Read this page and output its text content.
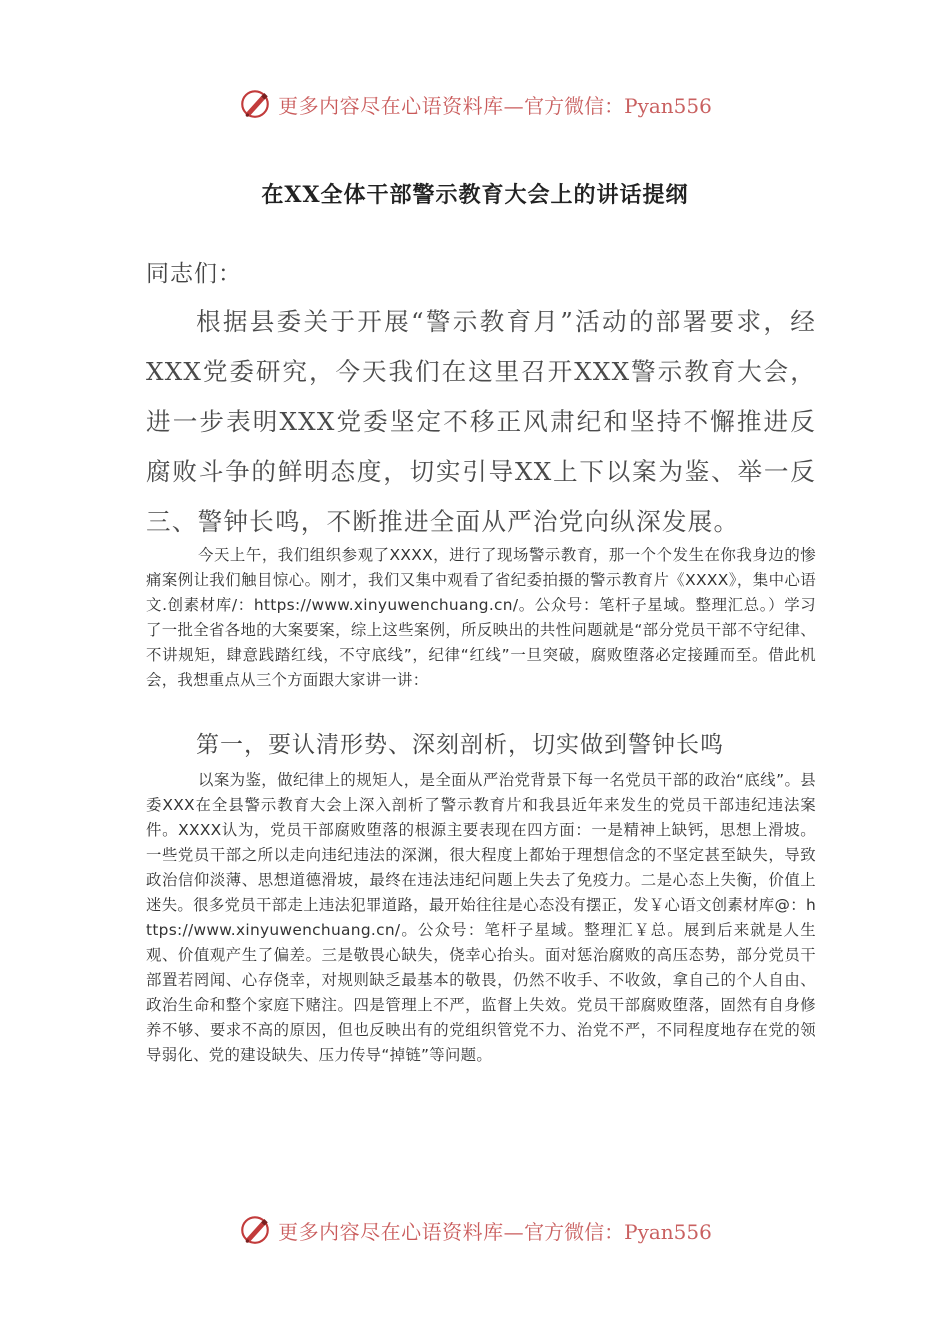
更多内容尽在心语资料库— 官方微信：Pyan556
在XX全体干部警示教育大会上的讲话提纲
同志们：

根据县委关于开展“警示教育月”活动的部署要求，经XXX党委研究，今天我们在这里召开XXX警示教育大会，进一步表明XXX党委坚定不移正风肃纪和坚持不懈推进反腐败斗争的鲜明态度，切实引导XX上下以案为鉴、举一反三、警钟长鸣，不断推进全面从严治党向纵深发展。

今天上午，我们组织参观了XXXX，进行了现场警示教育，那一个个发生在你我身边的惨痛案例让我们触目惊心。刚才，我们又集中观看了省纪委拍摄的警示教育片《XXXX》，集中心语文.创素材库/：https://www.xinyuwenchuang.cn/。公众号：笔杆子星域。整理汇总。）学习了一批全省各地的大案要案，综上这些案例，所反映出的共性问题就是“部分党员干部不守纪律、不讲规矩，肆意践踏红线，不守底线”，纪律“红线”一旦突破，腐败堕落必定接踵而至。借此机会，我想重点从三个方面跟大家讲一讲：

第一，要认清形势、深刻剖析，切实做到警钟长鸣

以案为鉴，做纪律上的规矩人，是全面从严治党背景下每一名党员干部的政治“底线”。县委XXX在全县警示教育大会上深入剖析了警示教育片和我县近年来发生的党员干部违纪违法案件。XXXX认为，党员干部腐败堕落的根源主要表现在四方面：一是精神上缺钙，思想上滑坡。一些党员干部之所以走向违纪违法的深渊，很大程度上都始于理想信念的不坚定甚至缺失，导致政治信仰淡薄、思想道德滑坡，最终在违法违纪问题上失去了免疫力。二是心态上失衡，价值上迷失。很多党员干部走上违法犯罪道路，最开始往往是心态没有摆正，发￥心语文创素材库@：https://www.xinyuwenchuang.cn/。公众号：笔杆子星域。整理汇￥总。展到后来就是人生观、价值观产生了偏差。三是敬畏心缺失，侥幸心抬头。面对惩治腐败的高压态势，部分党员干部置若罔闻、心存侥幸，对规则缺乏最基本的敬畏，仍然不收手、不收敛，拿自己的个人自由、政治生命和整个家庭下赌注。四是管理上不严，监督上失效。党员干部腐败堕落，固然有自身修养不够、要求不高的原因，但也反映出有的党组织管党不力、治党不严，不同程度地存在党的领导弱化、党的建设缺失、压力传导“掉链”等问题。

更多内容尽在心语资料库— 官方微信：Pyan556
